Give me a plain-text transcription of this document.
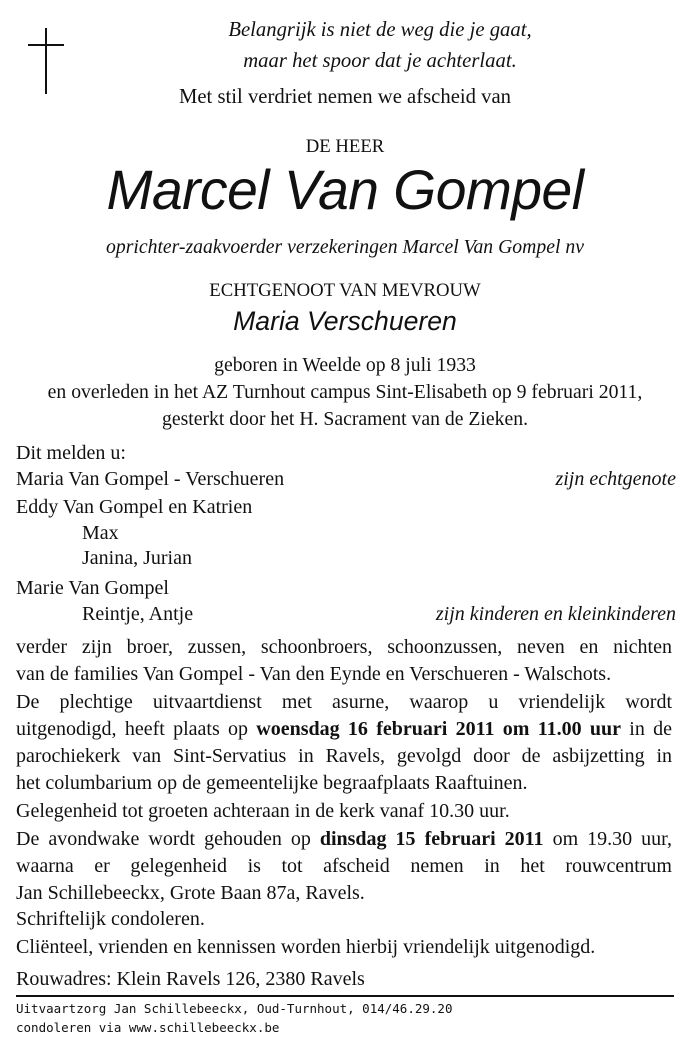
Belangrijk is niet de weg die je gaat,
maar het spoor dat je achterlaat.
Met stil verdriet nemen we afscheid van
DE HEER
Marcel Van Gompel
oprichter-zaakvoerder verzekeringen Marcel Van Gompel nv
ECHTGENOOT VAN MEVROUW
Maria Verschueren
geboren in Weelde op 8 juli 1933
en overleden in het AZ Turnhout campus Sint-Elisabeth op 9 februari 2011,
gesterkt door het H. Sacrament van de Zieken.
Dit melden u:
Maria Van Gompel - Verschueren	zijn echtgenote
Eddy Van Gompel en Katrien
Max
Janina, Jurian
Marie Van Gompel
Reintje, Antje	zijn kinderen en kleinkinderen
verder zijn broer, zussen, schoonbroers, schoonzussen, neven en nichten
van de families Van Gompel - Van den Eynde en Verschueren - Walschots.
De plechtige uitvaartdienst met asurne, waarop u vriendelijk wordt
uitgenodigd, heeft plaats op woensdag 16 februari 2011 om 11.00 uur in de
parochiekerk van Sint-Servatius in Ravels, gevolgd door de asbijzetting in
het columbarium op de gemeentelijke begraafplaats Raaftuinen.
Gelegenheid tot groeten achteraan in de kerk vanaf 10.30 uur.
De avondwake wordt gehouden op dinsdag 15 februari 2011 om 19.30 uur,
waarna er gelegenheid is tot afscheid nemen in het rouwcentrum
Jan Schillebeeckx, Grote Baan 87a, Ravels.
Schriftelijk condoleren.
Cliënteel, vrienden en kennissen worden hierbij vriendelijk uitgenodigd.
Rouwadres: Klein Ravels 126, 2380 Ravels
Uitvaartzorg Jan Schillebeeckx, Oud-Turnhout, 014/46.29.20
condoleren via www.schillebeeckx.be
